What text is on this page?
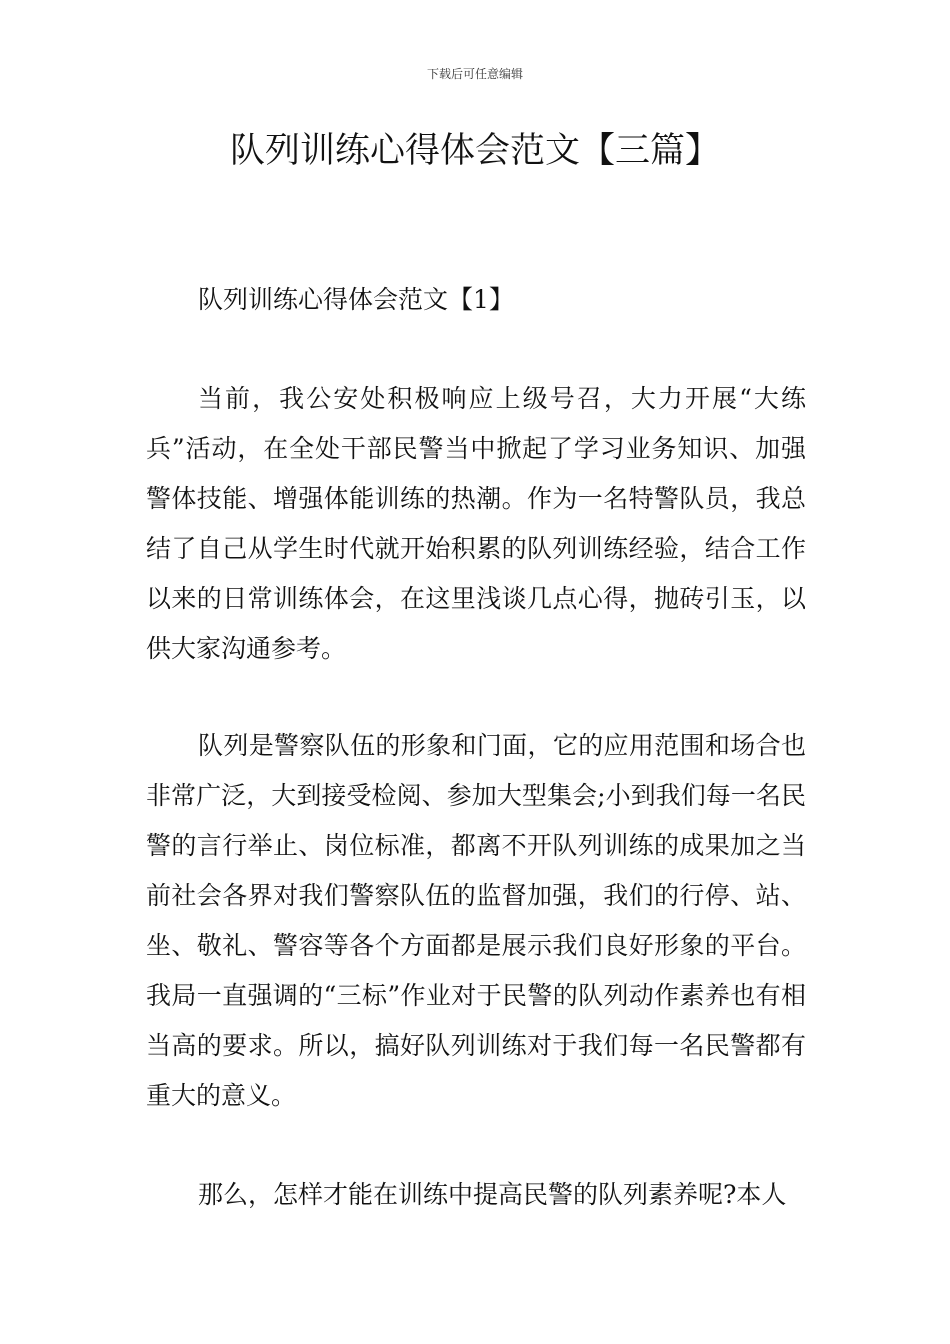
下载后可任意编辑
队列训练心得体会范文【三篇】

队列训练心得体会范文【1】

当前，我公安处积极响应上级号召，大力开展“大练兵”活动，在全处干部民警当中掀起了学习业务知识、加强警体技能、增强体能训练的热潮。作为一名特警队员，我总结了自己从学生时代就开始积累的队列训练经验，结合工作以来的日常训练体会，在这里浅谈几点心得，抛砖引玉，以供大家沟通参考。

队列是警察队伍的形象和门面，它的应用范围和场合也非常广泛，大到接受检阅、参加大型集会;小到我们每一名民警的言行举止、岗位标准，都离不开队列训练的成果加之当前社会各界对我们警察队伍的监督加强，我们的行停、站、坐、敬礼、警容等各个方面都是展示我们良好形象的平台。我局一直强调的“三标”作业对于民警的队列动作素养也有相当高的要求。所以，搞好队列训练对于我们每一名民警都有重大的意义。

那么，怎样才能在训练中提高民警的队列素养呢?本人
